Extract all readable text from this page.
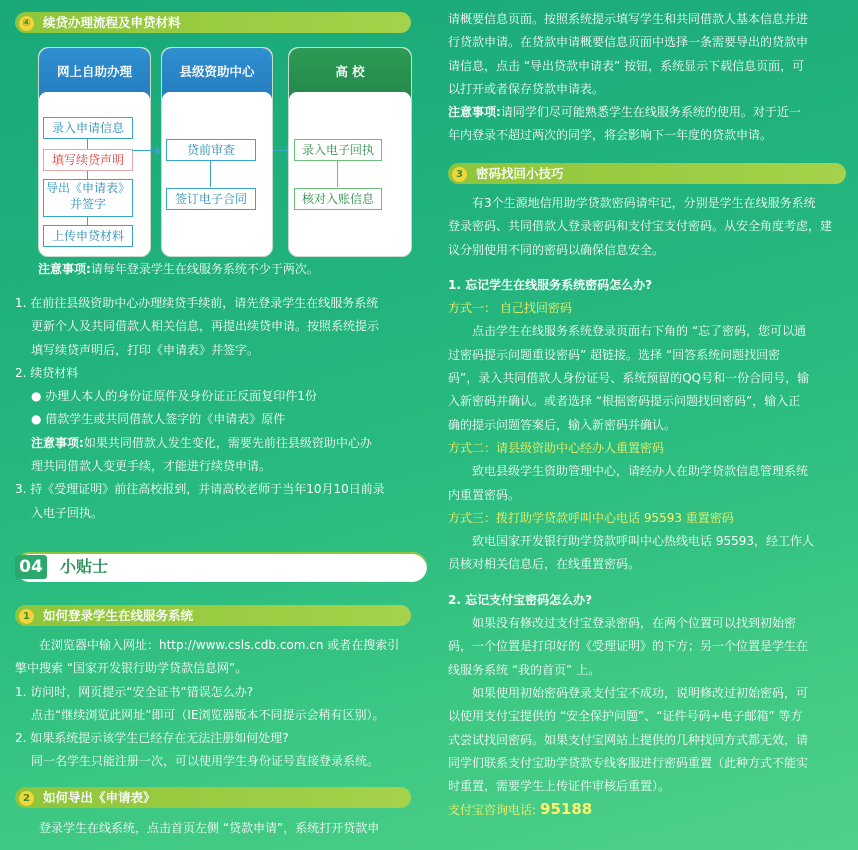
④ 续贷办理流程及申贷材料
网上自助办理
录入申请信息
填写续贷声明
导出《申请表》
并签字
上传申贷材料
县级资助中心
贷前审查
签订电子合同
高 校
录入电子回执
核对入账信息
注意事项:请每年登录学生在线服务系统不少于两次。

1. 在前往县级资助中心办理续贷手续前，请先登录学生在线服务系统

更新个人及共同借款人相关信息，再提出续贷申请。按照系统提示

填写续贷声明后，打印《申请表》并签字。

2. 续贷材料

● 办理人本人的身份证原件及身份证正反面复印件1份

● 借款学生或共同借款人签字的《申请表》原件

注意事项:如果共同借款人发生变化，需要先前往县级资助中心办

理共同借款人变更手续，才能进行续贷申请。

3. 持《受理证明》前往高校报到，并请高校老师于当年10月10日前录

入电子回执。

04 小贴士
1 如何登录学生在线服务系统

在浏览器中输入网址：http://www.csls.cdb.com.cn 或者在搜索引

擎中搜索 “国家开发银行助学贷款信息网”。

1. 访问时，网页提示“安全证书”错误怎么办?

点击“继续浏览此网址”即可（IE浏览器版本不同提示会稍有区别）。

2. 如果系统提示该学生已经存在无法注册如何处理?

同一名学生只能注册一次，可以使用学生身份证号直接登录系统。

2 如何导出《申请表》
登录学生在线系统，点击首页左侧 “贷款申请”，系统打开贷款申

请概要信息页面。按照系统提示填写学生和共同借款人基本信息并进

行贷款申请。在贷款申请概要信息页面中选择一条需要导出的贷款申

请信息，点击 “导出贷款申请表” 按钮，系统显示下载信息页面，可

以打开或者保存贷款申请表。

注意事项:请同学们尽可能熟悉学生在线服务系统的使用。对于近一

年内登录不超过两次的同学，将会影响下一年度的贷款申请。

3 密码找回小技巧

有3个生源地信用助学贷款密码请牢记，分别是学生在线服务系统

登录密码、共同借款人登录密码和支付宝支付密码。从安全角度考虑，建

议分别使用不同的密码以确保信息安全。

1. 忘记学生在线服务系统密码怎么办?

方式一： 自己找回密码

点击学生在线服务系统登录页面右下角的 “忘了密码，您可以通

过密码提示问题重设密码” 超链接。选择 “回答系统问题找回密

码”，录入共同借款人身份证号、系统预留的QQ号和一份合同号，输

入新密码并确认。或者选择 “根据密码提示问题找回密码”，输入正

确的提示问题答案后，输入新密码并确认。

方式二：请县级资助中心经办人重置密码

致电县级学生资助管理中心，请经办人在助学贷款信息管理系统

内重置密码。

方式三：拨打助学贷款呼叫中心电话 95593 重置密码

致电国家开发银行助学贷款呼叫中心热线电话 95593，经工作人

员核对相关信息后，在线重置密码。

2. 忘记支付宝密码怎么办?

如果没有修改过支付宝登录密码，在两个位置可以找到初始密

码，一个位置是打印好的《受理证明》的下方；另一个位置是学生在

线服务系统 “我的首页” 上。

如果使用初始密码登录支付宝不成功，说明修改过初始密码，可

以使用支付宝提供的 “安全保护问题”、“证件号码+电子邮箱” 等方

式尝试找回密码。如果支付宝网站上提供的几种找回方式都无效，请

同学们联系支付宝助学贷款专线客服进行密码重置（此种方式不能实

时重置，需要学生上传证件审核后重置）。

支付宝咨询电话: 95188
